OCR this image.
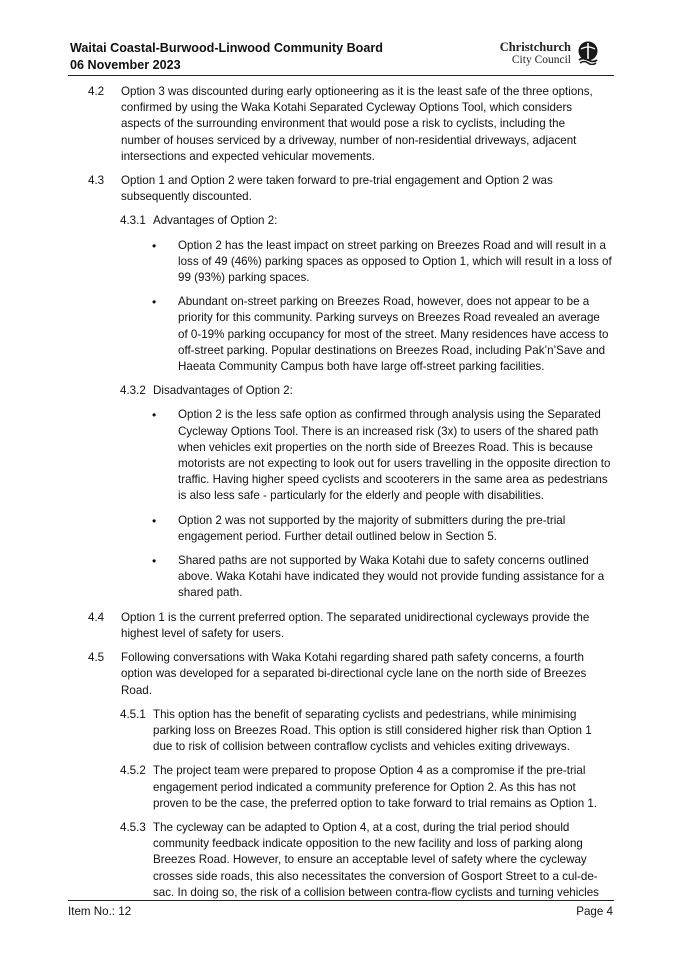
Waitai Coastal-Burwood-Linwood Community Board
06 November 2023
Christchurch
City Council
4.2 Option 3 was discounted during early optioneering as it is the least safe of the three options, confirmed by using the Waka Kotahi Separated Cycleway Options Tool, which considers aspects of the surrounding environment that would pose a risk to cyclists, including the number of houses serviced by a driveway, number of non-residential driveways, adjacent intersections and expected vehicular movements.
4.3 Option 1 and Option 2 were taken forward to pre-trial engagement and Option 2 was subsequently discounted.
4.3.1 Advantages of Option 2:
• Option 2 has the least impact on street parking on Breezes Road and will result in a loss of 49 (46%) parking spaces as opposed to Option 1, which will result in a loss of 99 (93%) parking spaces.
• Abundant on-street parking on Breezes Road, however, does not appear to be a priority for this community. Parking surveys on Breezes Road revealed an average of 0-19% parking occupancy for most of the street. Many residences have access to off-street parking. Popular destinations on Breezes Road, including Pak’n’Save and Haeata Community Campus both have large off-street parking facilities.
4.3.2 Disadvantages of Option 2:
• Option 2 is the less safe option as confirmed through analysis using the Separated Cycleway Options Tool. There is an increased risk (3x) to users of the shared path when vehicles exit properties on the north side of Breezes Road. This is because motorists are not expecting to look out for users travelling in the opposite direction to traffic. Having higher speed cyclists and scooterers in the same area as pedestrians is also less safe - particularly for the elderly and people with disabilities.
• Option 2 was not supported by the majority of submitters during the pre-trial engagement period. Further detail outlined below in Section 5.
• Shared paths are not supported by Waka Kotahi due to safety concerns outlined above. Waka Kotahi have indicated they would not provide funding assistance for a shared path.
4.4 Option 1 is the current preferred option. The separated unidirectional cycleways provide the highest level of safety for users.
4.5 Following conversations with Waka Kotahi regarding shared path safety concerns, a fourth option was developed for a separated bi-directional cycle lane on the north side of Breezes Road.
4.5.1 This option has the benefit of separating cyclists and pedestrians, while minimising parking loss on Breezes Road. This option is still considered higher risk than Option 1 due to risk of collision between contraflow cyclists and vehicles exiting driveways.
4.5.2 The project team were prepared to propose Option 4 as a compromise if the pre-trial engagement period indicated a community preference for Option 2. As this has not proven to be the case, the preferred option to take forward to trial remains as Option 1.
4.5.3 The cycleway can be adapted to Option 4, at a cost, during the trial period should community feedback indicate opposition to the new facility and loss of parking along Breezes Road. However, to ensure an acceptable level of safety where the cycleway crosses side roads, this also necessitates the conversion of Gosport Street to a cul-de-sac. In doing so, the risk of a collision between contra-flow cyclists and turning vehicles
Item No.: 12	Page 4
